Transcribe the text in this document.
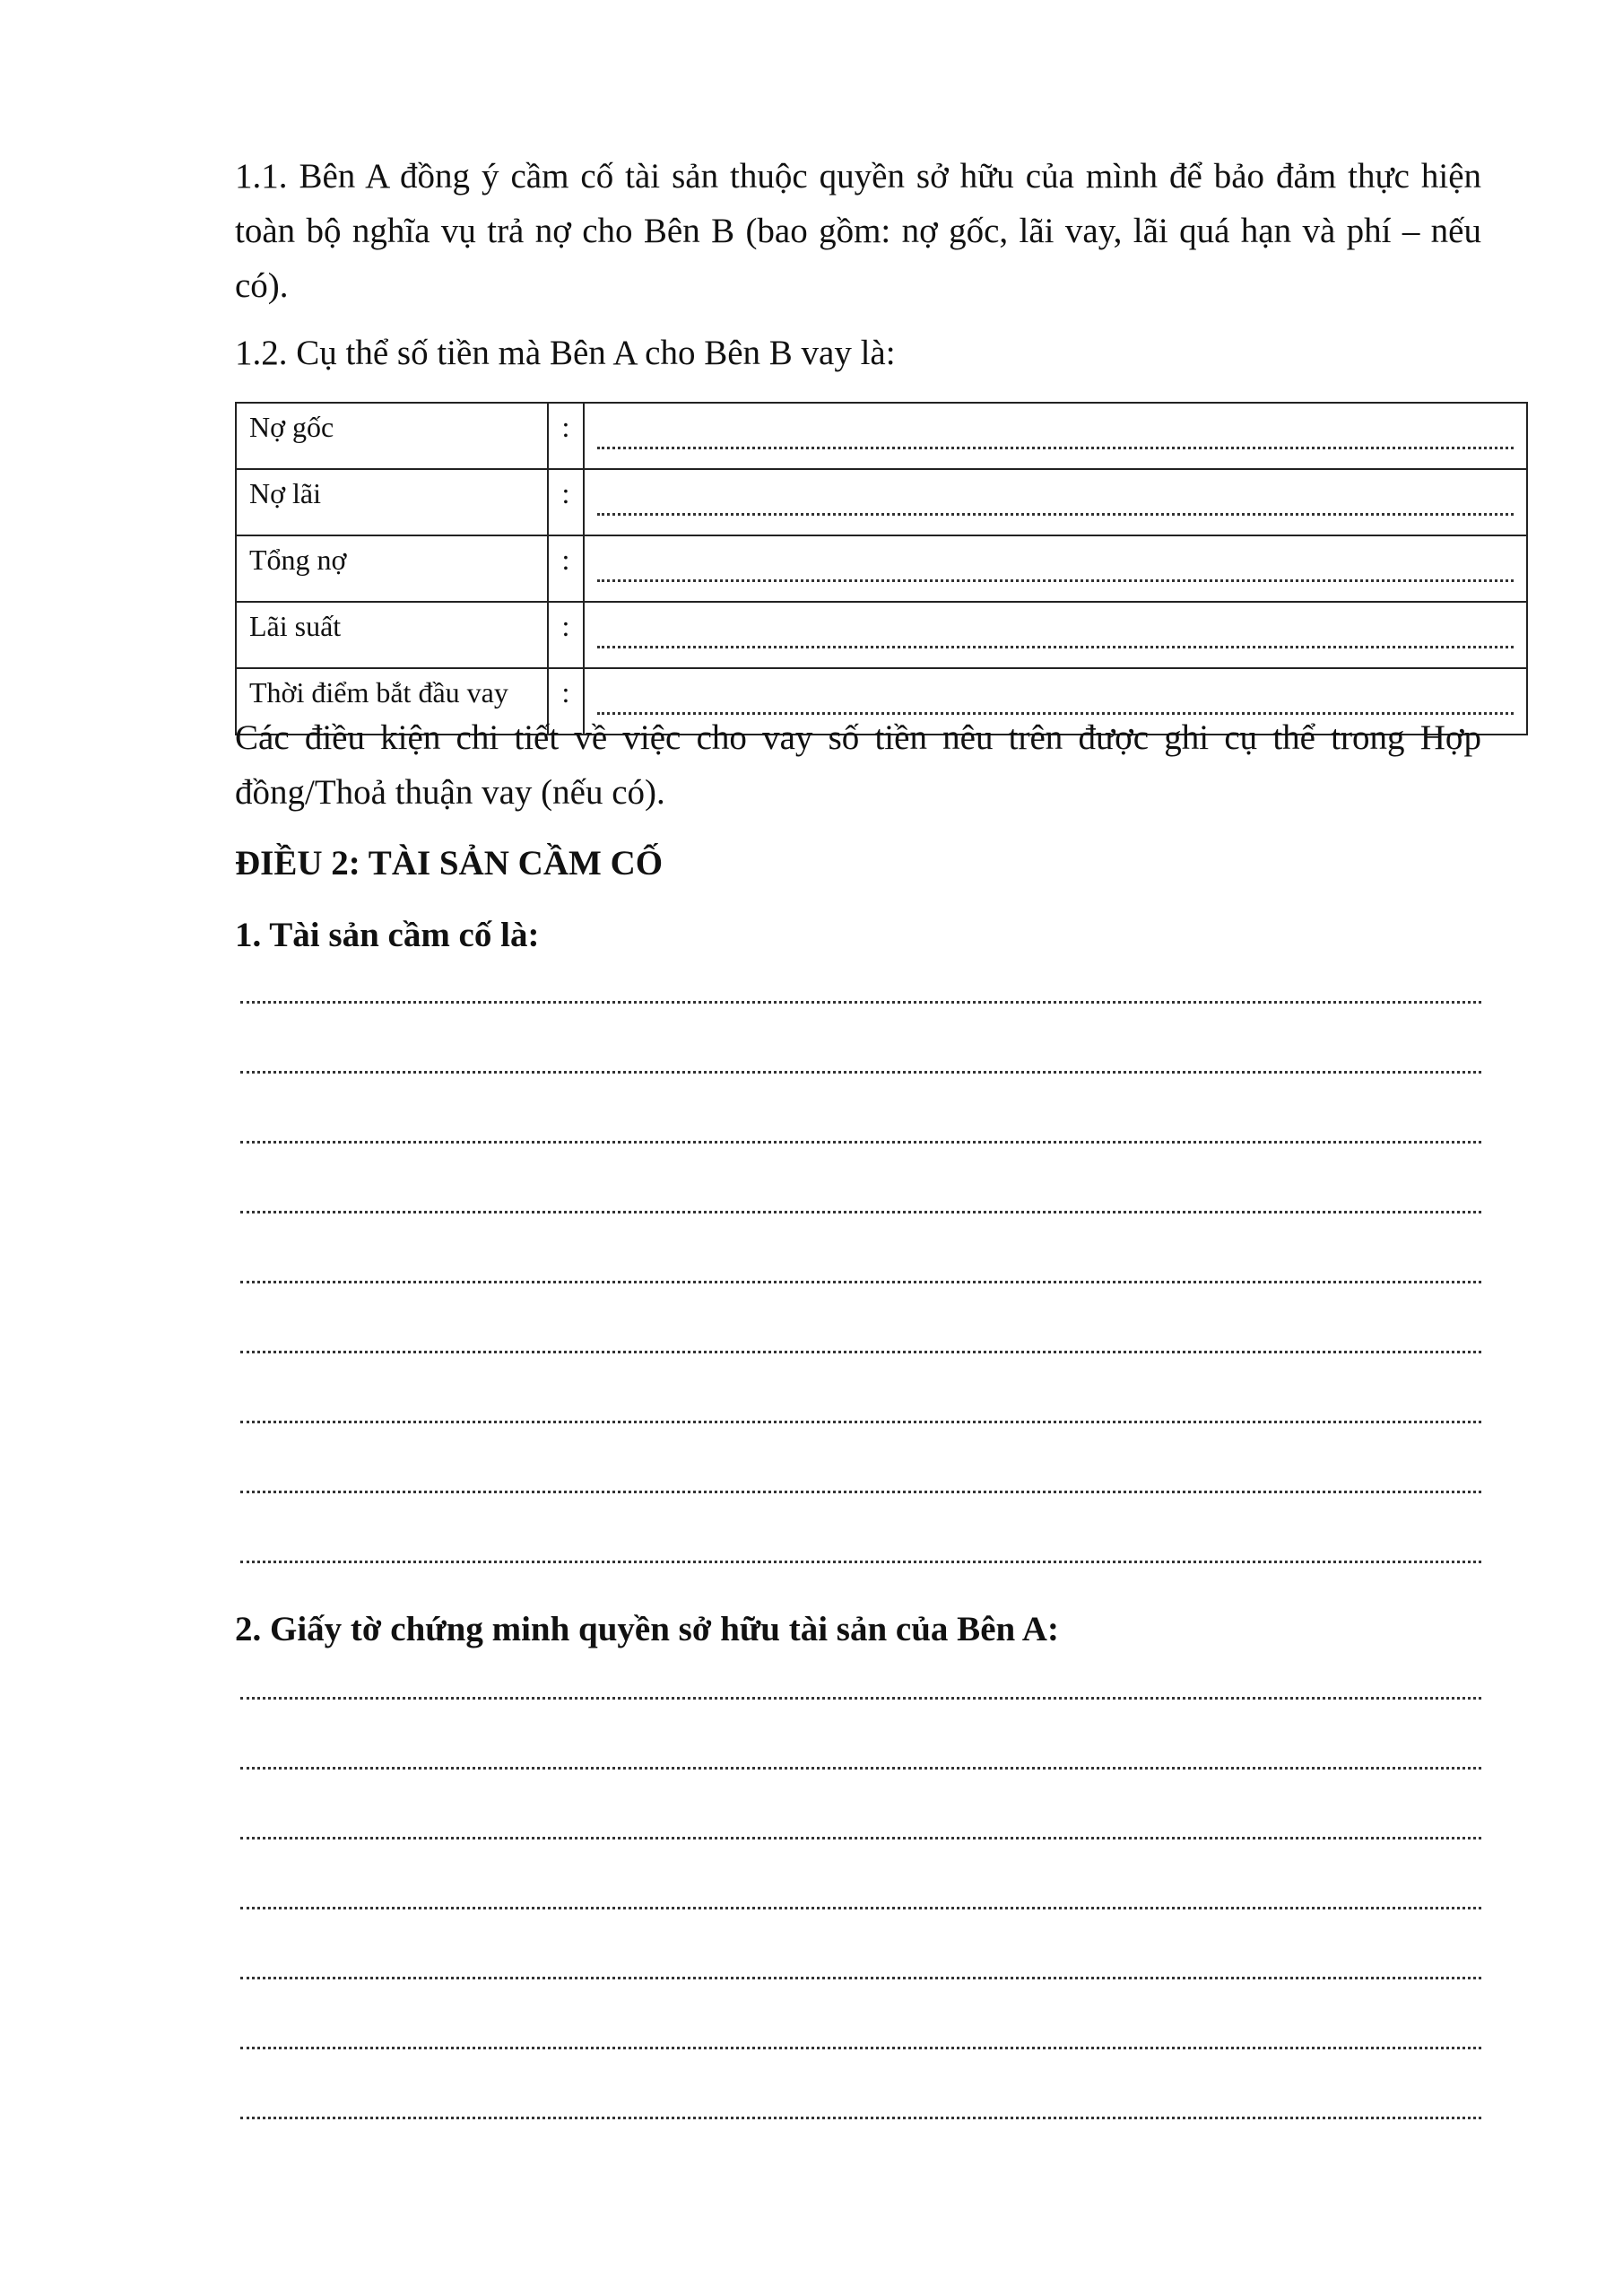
1.1. Bên A đồng ý cầm cố tài sản thuộc quyền sở hữu của mình để bảo đảm thực hiện toàn bộ nghĩa vụ trả nợ cho Bên B (bao gồm: nợ gốc, lãi vay, lãi quá hạn và phí – nếu có).

1.2. Cụ thể số tiền mà Bên A cho Bên B vay là:

Nợ gốc	:	

Nợ lãi	:	

Tổng nợ	:	

Lãi suất	:	

Thời điểm bắt đầu vay	:	

Các điều kiện chi tiết về việc cho vay số tiền nêu trên được ghi cụ thể trong Hợp đồng/Thoả thuận vay (nếu có).

ĐIỀU 2: TÀI SẢN CẦM CỐ
1. Tài sản cầm cố là:
2. Giấy tờ chứng minh quyền sở hữu tài sản của Bên A:
